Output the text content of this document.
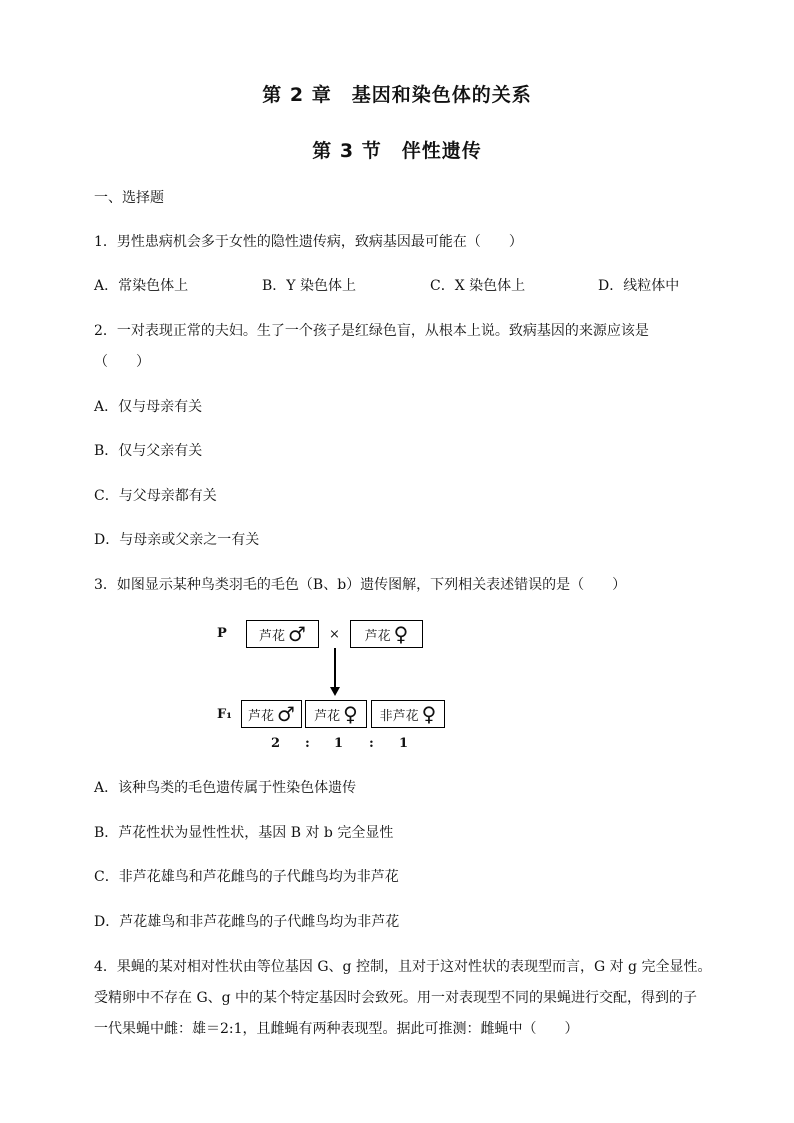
第 2 章　基因和染色体的关系
第 3 节　伴性遗传
一、选择题
1．男性患病机会多于女性的隐性遗传病，致病基因最可能在（　　）
A．常染色体上	B．Y 染色体上	C．X 染色体上	D．线粒体中
2．一对表现正常的夫妇。生了一个孩子是红绿色盲，从根本上说。致病基因的来源应该是
（　　）
A．仅与母亲有关
B．仅与父亲有关
C．与父母亲都有关
D．与母亲或父亲之一有关
3．如图显示某种鸟类羽毛的毛色（B、b）遗传图解，下列相关表述错误的是（　　）
P 芦花 ♂ × 芦花 ♀
F₁ 芦花 ♂ 芦花 ♀ 非芦花 ♀
2 : 1 : 1
A．该种鸟类的毛色遗传属于性染色体遗传
B．芦花性状为显性性状，基因 B 对 b 完全显性
C．非芦花雄鸟和芦花雌鸟的子代雌鸟均为非芦花
D．芦花雄鸟和非芦花雌鸟的子代雌鸟均为非芦花
4．果蝇的某对相对性状由等位基因 G、g 控制，且对于这对性状的表现型而言，G 对 g 完全显性。
受精卵中不存在 G、g 中的某个特定基因时会致死。用一对表现型不同的果蝇进行交配，得到的子
一代果蝇中雌：雄＝2:1，且雌蝇有两种表现型。据此可推测：雌蝇中（　　）
